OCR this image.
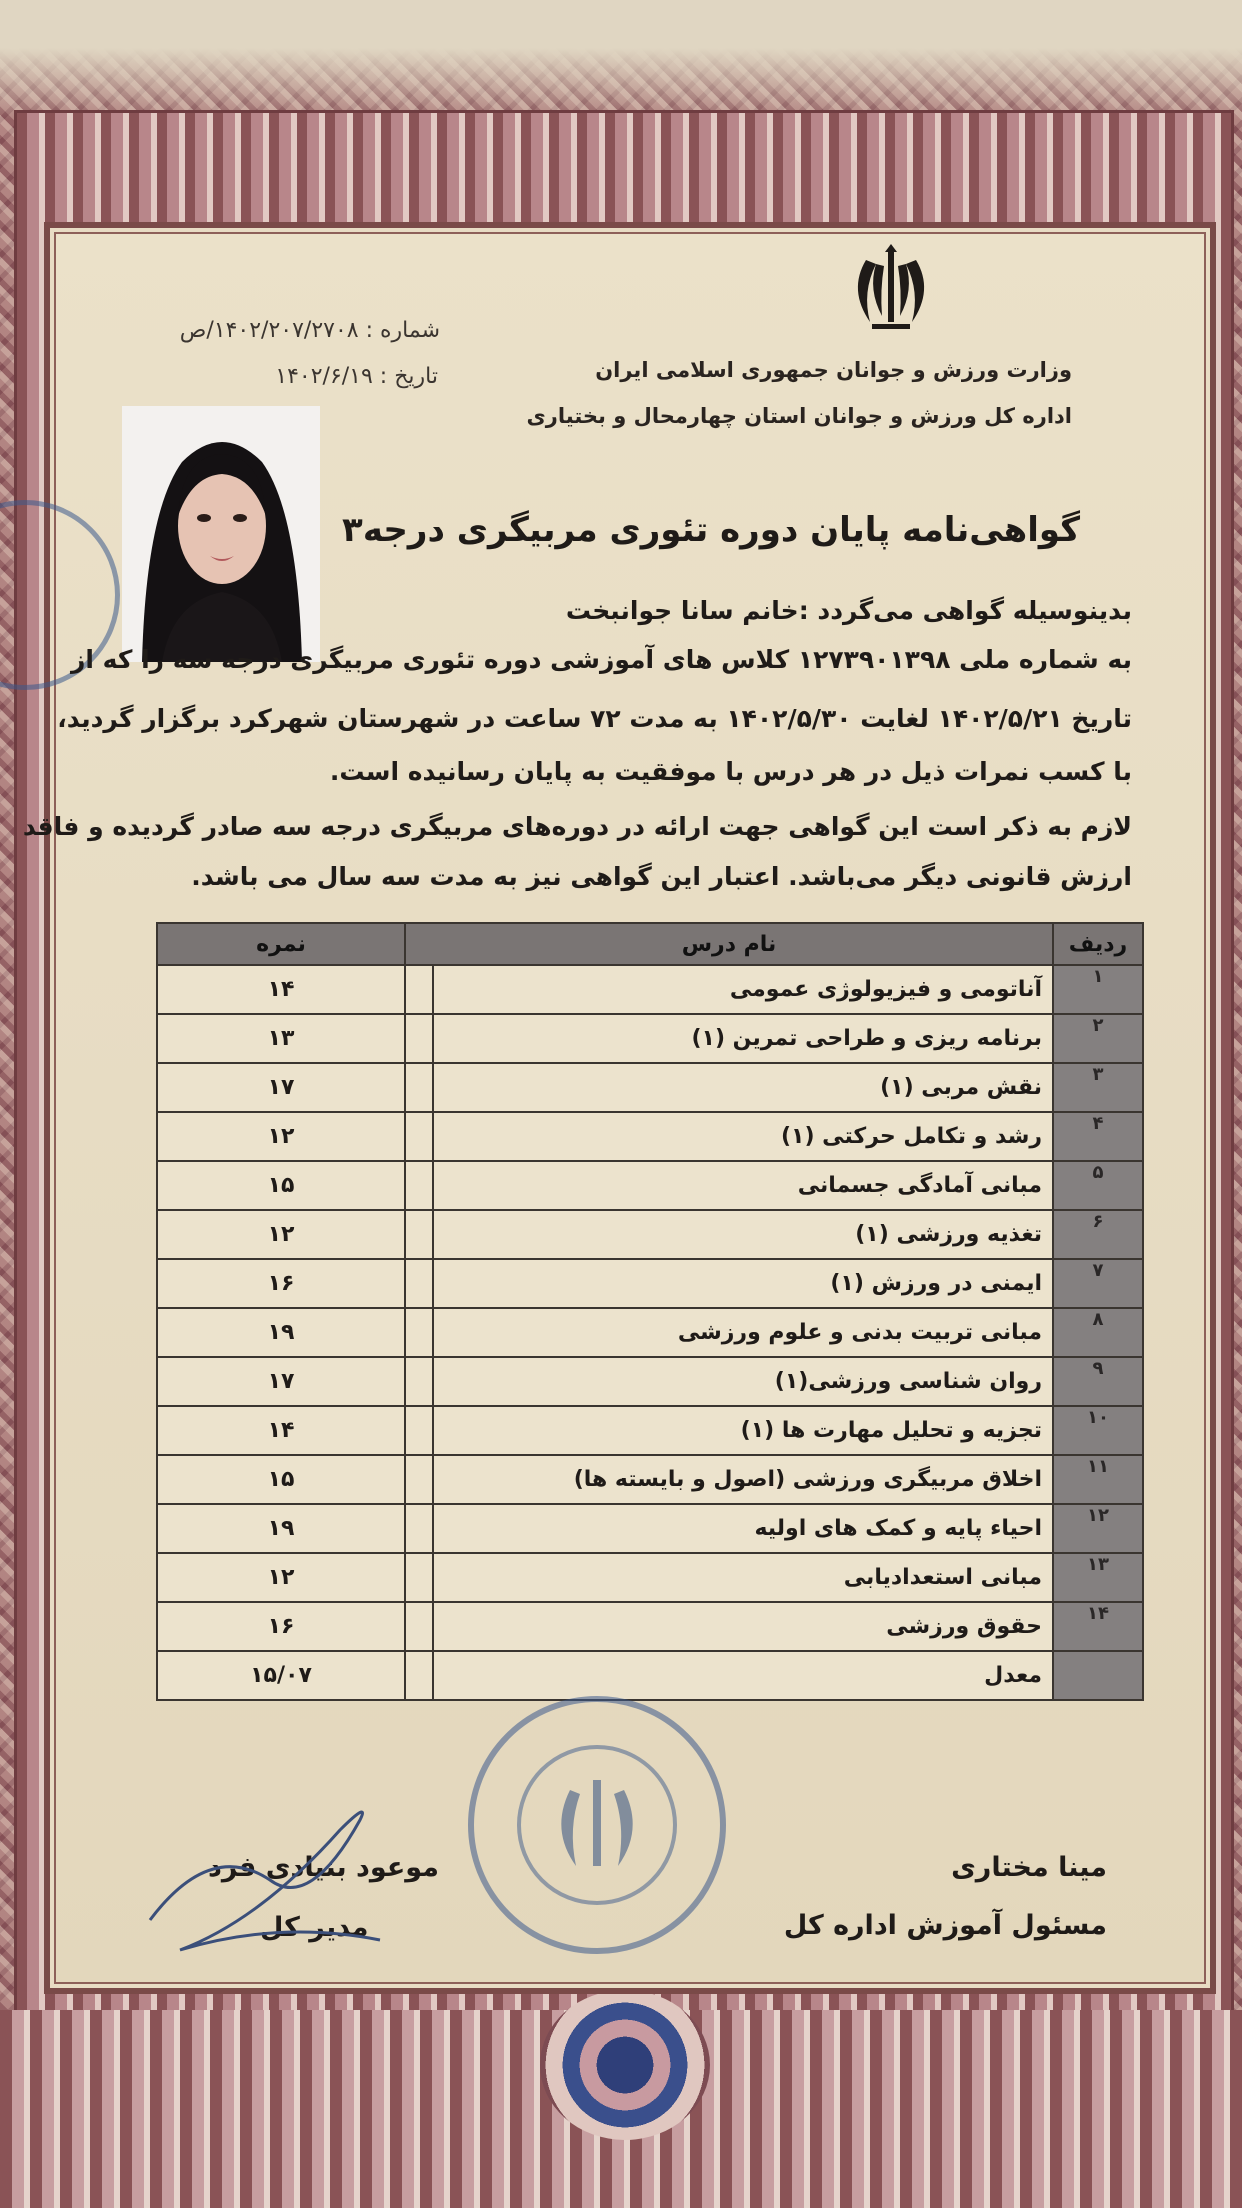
وزارت ورزش و جوانان جمهوری اسلامی ایران
اداره کل ورزش و جوانان استان چهارمحال و بختیاری
شماره : ۱۴۰۲/۲۰۷/۲۷۰۸/ص
تاریخ : ۱۴۰۲/۶/۱۹
گواهی‌نامه پایان دوره تئوری مربیگری درجه۳
بدینوسیله گواهی می‌گردد :خانم سانا جوانبخت
به شماره ملی ۱۲۷۳۹۰۱۳۹۸ کلاس های آموزشی دوره تئوری مربیگری درجه سه را که از
تاریخ ۱۴۰۲/۵/۲۱ لغایت ۱۴۰۲/۵/۳۰ به مدت ۷۲ ساعت در شهرستان شهرکرد برگزار گردید،
با کسب نمرات ذیل در هر درس با موفقیت به پایان رسانیده است.
لازم به ذکر است این گواهی جهت ارائه در دوره‌های مربیگری درجه سه صادر گردیده و فاقد
ارزش قانونی دیگر می‌باشد. اعتبار این گواهی نیز به مدت سه سال می باشد.
ردیف	نام درس		نمره
۱	آناتومی و فیزیولوژی عمومی		۱۴
۲	برنامه ریزی و طراحی تمرین (۱)		۱۳
۳	نقش مربی (۱)		۱۷
۴	رشد و تکامل حرکتی (۱)		۱۲
۵	مبانی آمادگی جسمانی		۱۵
۶	تغذیه ورزشی (۱)		۱۲
۷	ایمنی در ورزش (۱)		۱۶
۸	مبانی تربیت بدنی و علوم ورزشی		۱۹
۹	روان شناسی ورزشی(۱)		۱۷
۱۰	تجزیه و تحلیل مهارت ها (۱)		۱۴
۱۱	اخلاق مربیگری ورزشی (اصول و بایسته ها)		۱۵
۱۲	احیاء پایه و کمک های اولیه		۱۹
۱۳	مبانی استعدادیابی		۱۲
۱۴	حقوق ورزشی		۱۶
	معدل		۱۵/۰۷
مینا مختاری
مسئول آموزش اداره کل
موعود بنیادی فرد
مدیر کل
